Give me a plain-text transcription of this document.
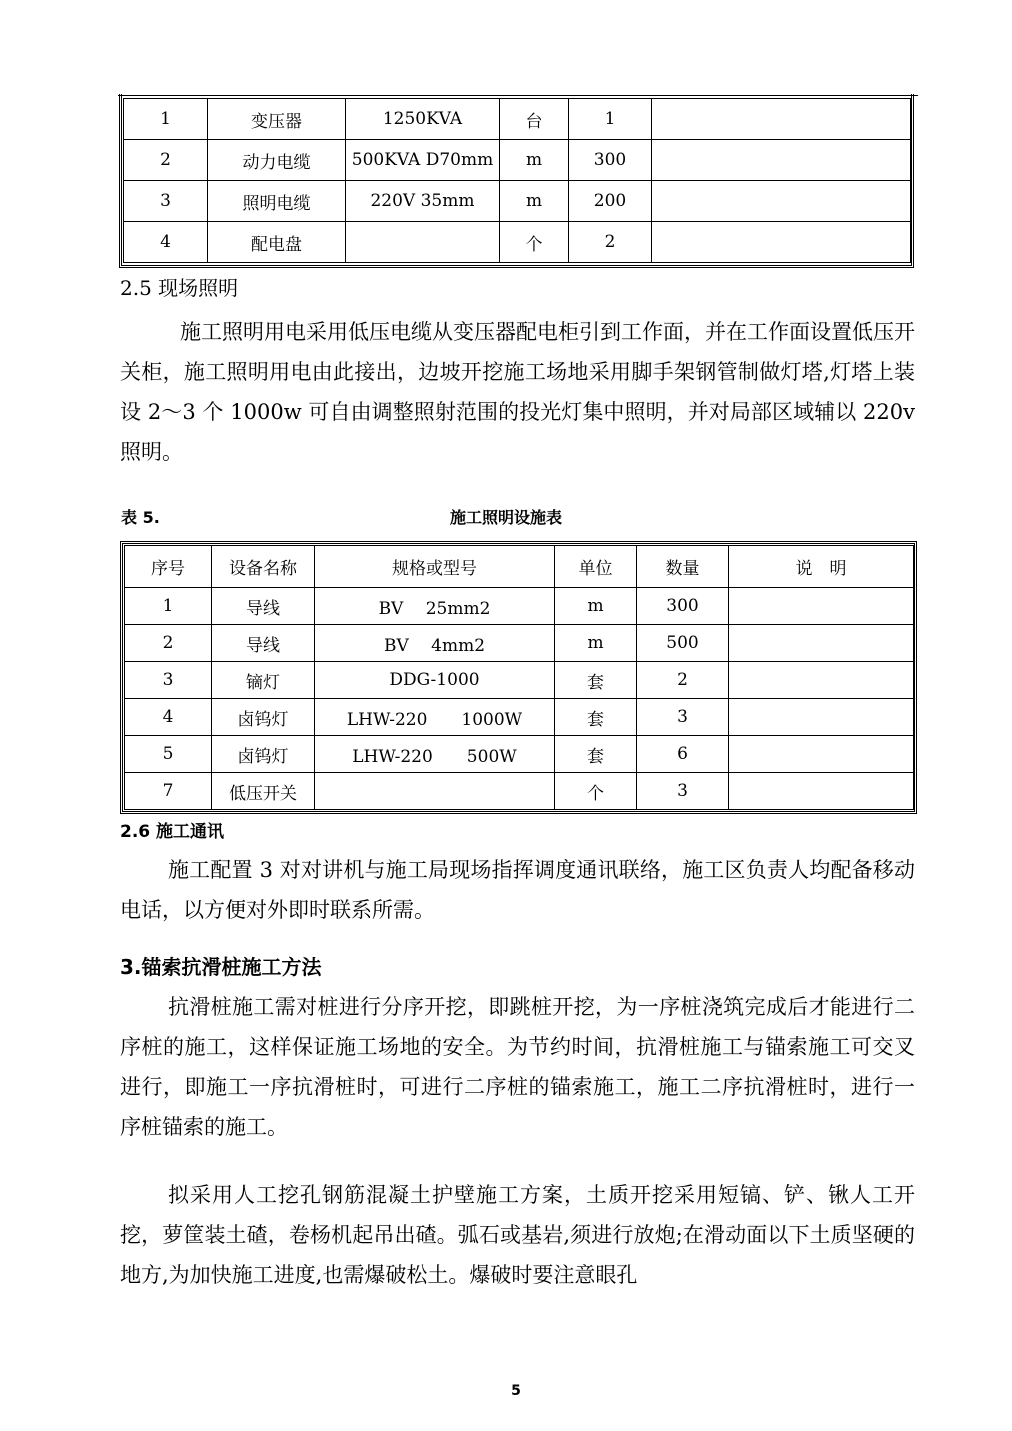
1	变压器	1250KVA	台	1	
2	动力电缆	500KVA D70mm	m	300	
3	照明电缆	220V 35mm	m	200	
4	配电盘		个	2	
2.5 现场照明
施工照明用电采用低压电缆从变压器配电柜引到工作面，并在工作面设置低压开关柜，施工照明用电由此接出，边坡开挖施工场地采用脚手架钢管制做灯塔,灯塔上装设 2～3 个 1000w 可自由调整照射范围的投光灯集中照明，并对局部区域辅以 220v 照明。
表 5.	施工照明设施表
序号	设备名称	规格或型号	单位	数量	说　明
1	导线	BV　 25mm2	m	300	
2	导线	BV　 4mm2	m	500	
3	镝灯	DDG-1000	套	2	
4	卤钨灯	LHW-220　　1000W	套	3	
5	卤钨灯	LHW-220　　500W	套	6	
7	低压开关		个	3	
2.6 施工通讯
施工配置 3 对对讲机与施工局现场指挥调度通讯联络，施工区负责人均配备移动电话，以方便对外即时联系所需。
3.锚索抗滑桩施工方法
抗滑桩施工需对桩进行分序开挖，即跳桩开挖，为一序桩浇筑完成后才能进行二序桩的施工，这样保证施工场地的安全。为节约时间，抗滑桩施工与锚索施工可交叉进行，即施工一序抗滑桩时，可进行二序桩的锚索施工，施工二序抗滑桩时，进行一序桩锚索的施工。
拟采用人工挖孔钢筋混凝土护壁施工方案，土质开挖采用短镐、铲、锹人工开挖，萝筐装土碴，卷杨机起吊出碴。弧石或基岩,须进行放炮;在滑动面以下土质坚硬的地方,为加快施工进度,也需爆破松土。爆破时要注意眼孔
5
